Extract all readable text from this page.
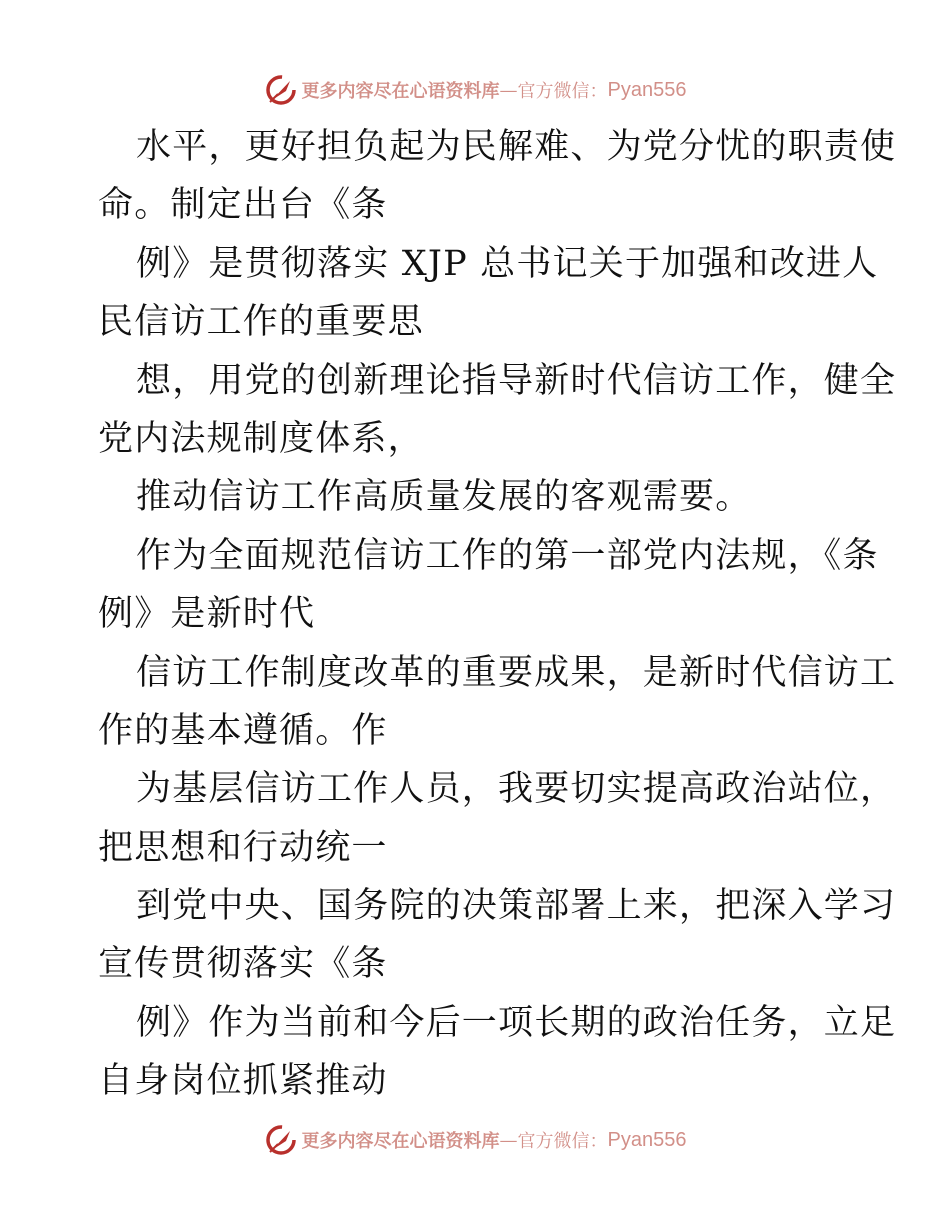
更多内容尽在心语资料库 — 官方微信： Pyan556
水平，更好担负起为民解难、为党分忧的职责使
命。制定出台《条
例》是贯彻落实 XJP 总书记关于加强和改进人
民信访工作的重要思
想，用党的创新理论指导新时代信访工作，健全
党内法规制度体系，
推动信访工作高质量发展的客观需要。
作为全面规范信访工作的第一部党内法规，《条
例》是新时代
信访工作制度改革的重要成果，是新时代信访工
作的基本遵循。作
为基层信访工作人员，我要切实提高政治站位，
把思想和行动统一
到党中央、国务院的决策部署上来，把深入学习
宣传贯彻落实《条
例》作为当前和今后一项长期的政治任务，立足
自身岗位抓紧推动
更多内容尽在心语资料库 — 官方微信： Pyan556
